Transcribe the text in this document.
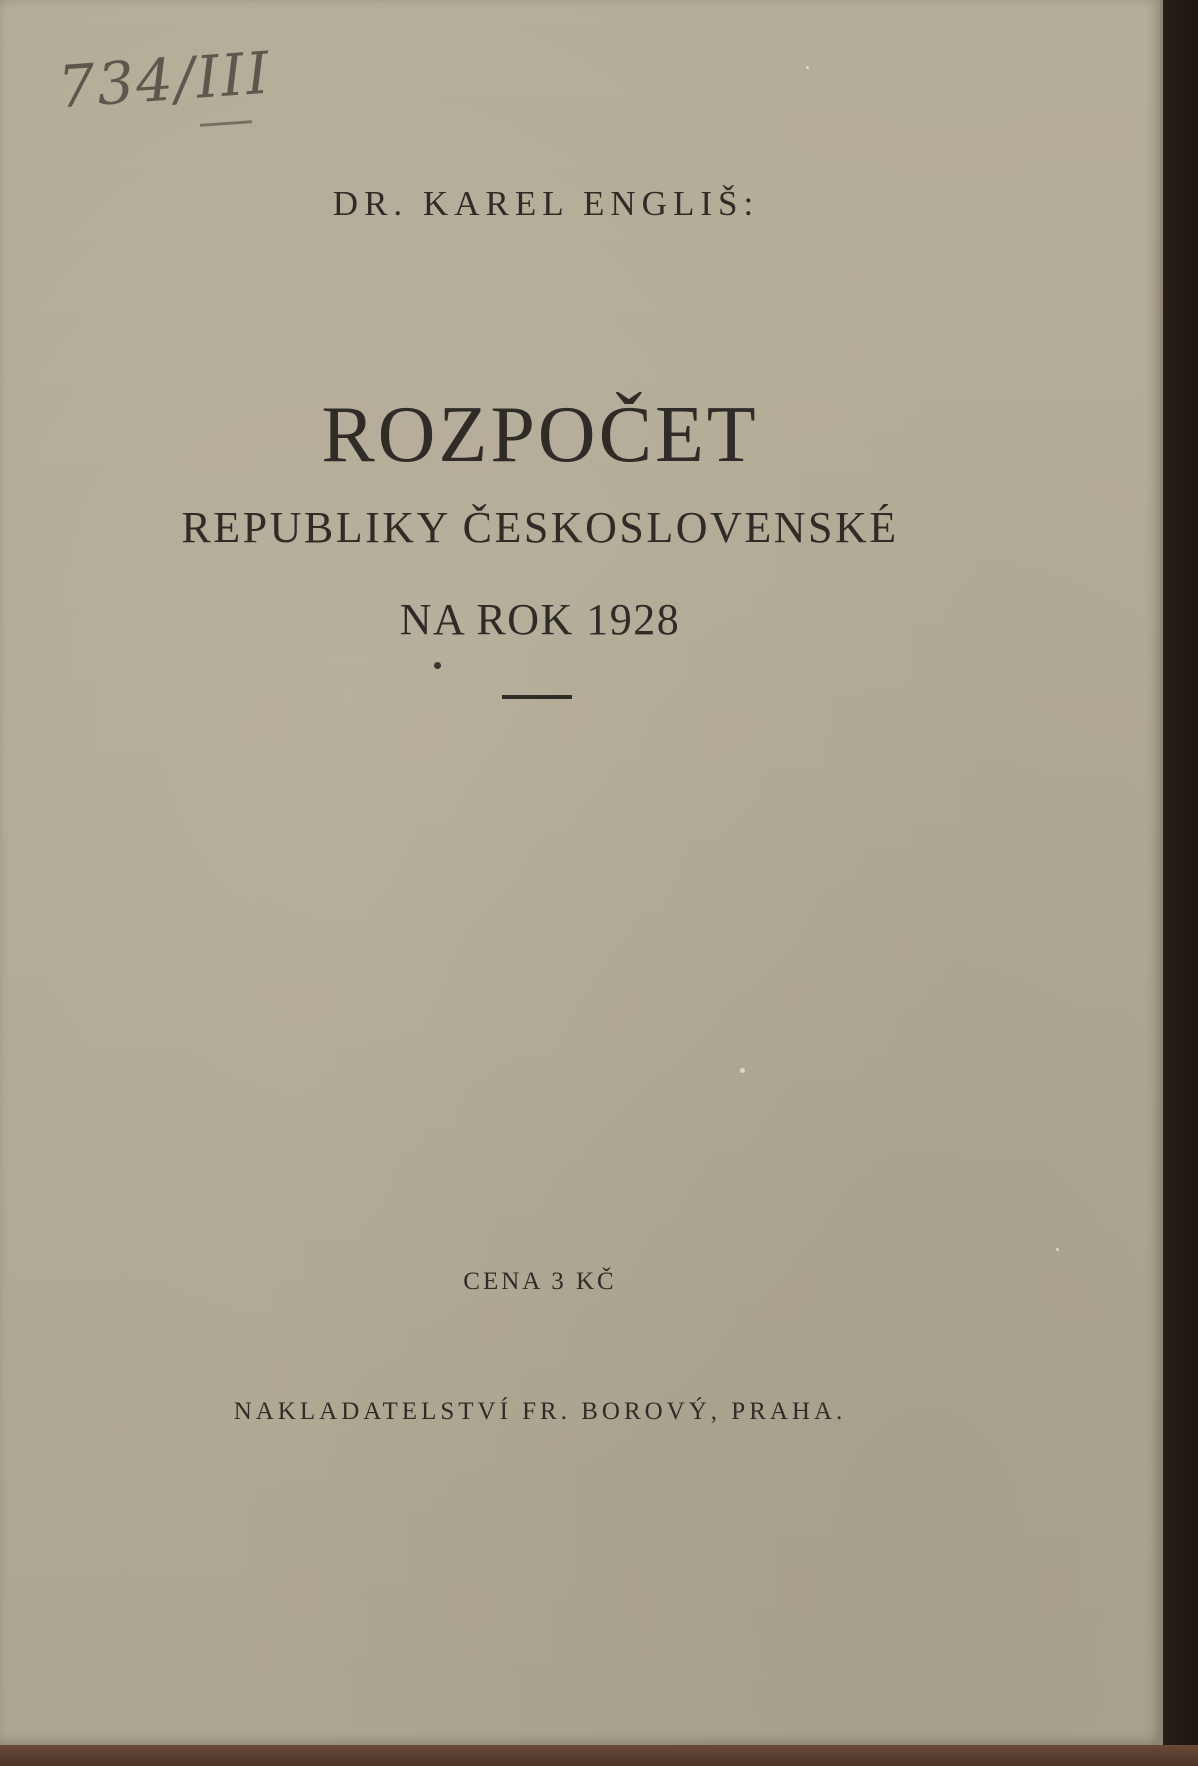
734/III
DR. KAREL ENGLIŠ:
ROZPOČET
REPUBLIKY ČESKOSLOVENSKÉ
NA ROK 1928
CENA 3 KČ
NAKLADATELSTVÍ FR. BOROVÝ, PRAHA.
